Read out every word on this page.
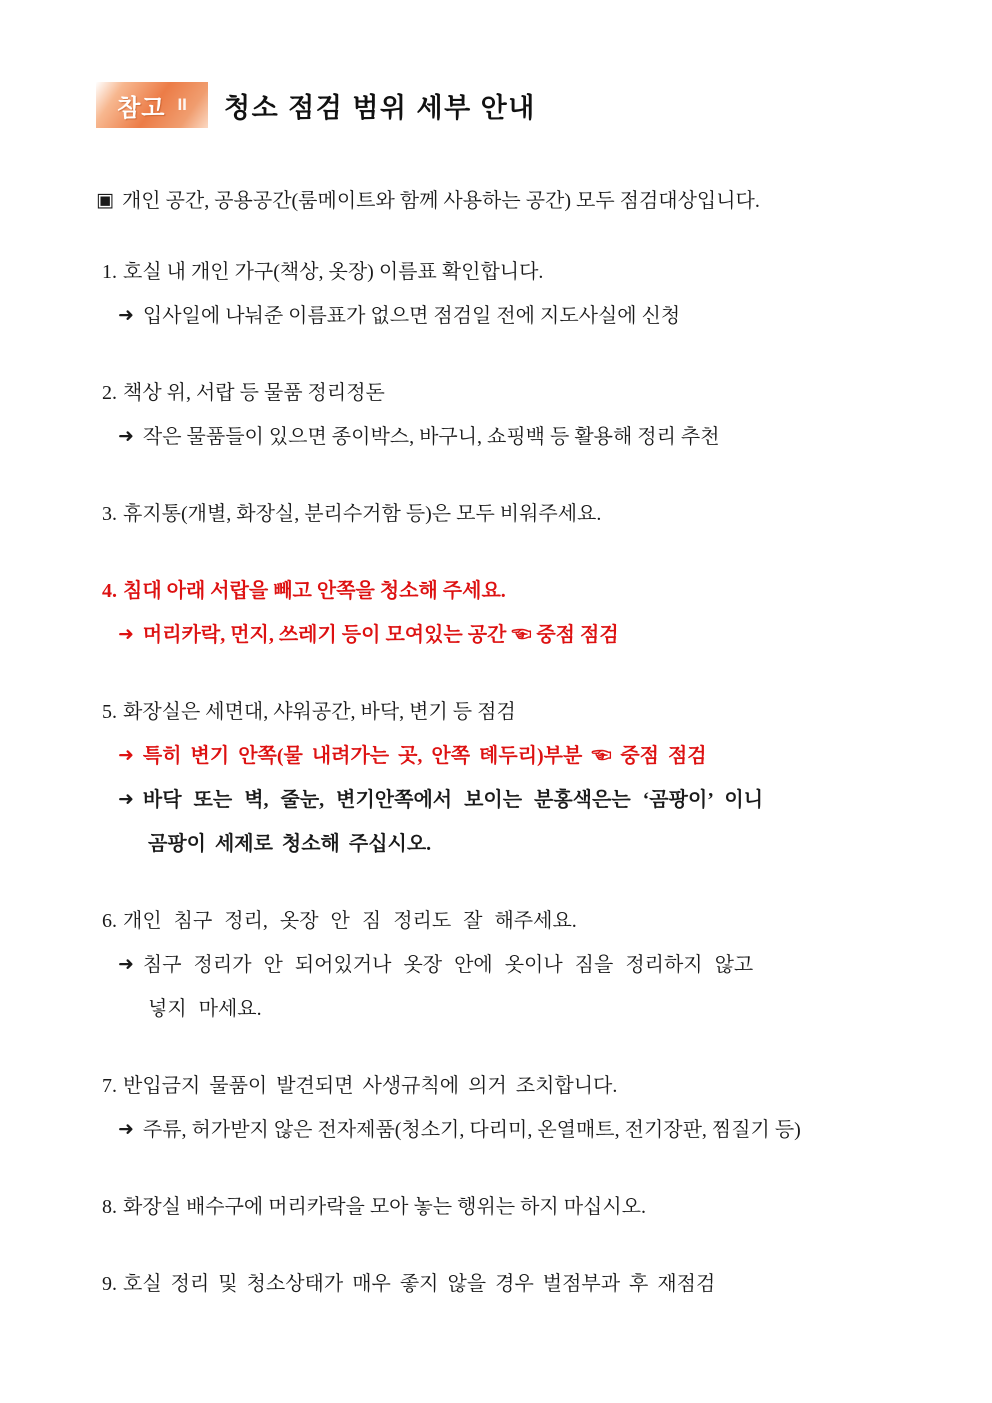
참고 II 청소 점검 범위 세부 안내

▣ 개인 공간, 공용공간(룸메이트와 함께 사용하는 공간) 모두 점검대상입니다.

1. 호실 내 개인 가구(책상, 옷장) 이름표 확인합니다.
➜ 입사일에 나눠준 이름표가 없으면 점검일 전에 지도사실에 신청
2. 책상 위, 서랍 등 물품 정리정돈
➜ 작은 물품들이 있으면 종이박스, 바구니, 쇼핑백 등 활용해 정리 추천
3. 휴지통(개별, 화장실, 분리수거함 등)은 모두 비워주세요.
4. 침대 아래 서랍을 빼고 안쪽을 청소해 주세요.
➜ 머리카락, 먼지, 쓰레기 등이 모여있는 공간 ☜ 중점 점검
5. 화장실은 세면대, 샤워공간, 바닥, 변기 등 점검
➜ 특히 변기 안쪽(물 내려가는 곳, 안쪽 톄두리)부분 ☜ 중점 점검
➜ 바닥 또는 벽, 줄눈, 변기안쪽에서 보이는 분홍색은는 ‘곰팡이’ 이니
곰팡이 세제로 청소해 주십시오.
6. 개인 침구 정리, 옷장 안 짐 정리도 잘 해주세요.
➜ 침구 정리가 안 되어있거나 옷장 안에 옷이나 짐을 정리하지 않고
넣지 마세요.
7. 반입금지 물품이 발견되면 사생규칙에 의거 조치합니다.
➜ 주류, 허가받지 않은 전자제품(청소기, 다리미, 온열매트, 전기장판, 찜질기 등)
8. 화장실 배수구에 머리카락을 모아 놓는 행위는 하지 마십시오.
9. 호실 정리 및 청소상태가 매우 좋지 않을 경우 벌점부과 후 재점검
